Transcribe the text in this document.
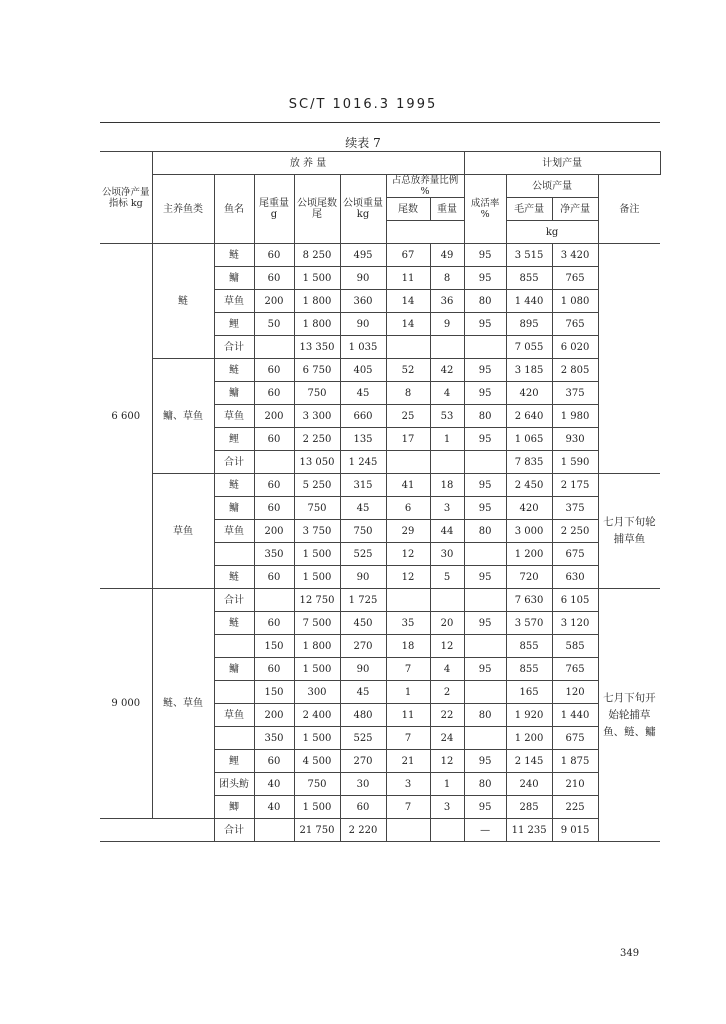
SC/T 1016.3 1995
续表 7
公顷净产量指标 kg	放 养 量							计划产量			
	主养鱼类	鱼名	尾重量 g	公顷尾数 尾	公顷重量 kg	占总放养量比例 %		成活率 %	公顷产量		备注
						尾数	重量		毛产量	净产量	
									kg		
6 600	鲢	鲢	60	8 250	495	67	49	95	3 515	3 420	
		鳙	60	1 500	90	11	8	95	855	765	
		草鱼	200	1 800	360	14	36	80	1 440	1 080	
		鲤	50	1 800	90	14	9	95	895	765	
		合计		13 350	1 035				7 055	6 020	
	鳙、草鱼	鲢	60	6 750	405	52	42	95	3 185	2 805	
		鳙	60	750	45	8	4	95	420	375	
		草鱼	200	3 300	660	25	53	80	2 640	1 980	
		鲤	60	2 250	135	17	1	95	1 065	930	
		合计		13 050	1 245				7 835	1 590	
	草鱼	鲢	60	5 250	315	41	18	95	2 450	2 175	七月下旬轮捕草鱼
		鳙	60	750	45	6	3	95	420	375	
		草鱼	200	3 750	750	29	44	80	3 000	2 250	
			350	1 500	525	12	30		1 200	675	
		鲢	60	1 500	90	12	5	95	720	630	
9 000	鲢、草鱼	合计		12 750	1 725				7 630	6 105	七月下旬开始轮捕草鱼、鲢、鳙
		鲢	60	7 500	450	35	20	95	3 570	3 120	
			150	1 800	270	18	12		855	585	
		鳙	60	1 500	90	7	4	95	855	765	
			150	300	45	1	2		165	120	
		草鱼	200	2 400	480	11	22	80	1 920	1 440	
			350	1 500	525	7	24		1 200	675	
		鲤	60	4 500	270	21	12	95	2 145	1 875	
		团头鲂	40	750	30	3	1	80	240	210	
		鲫	40	1 500	60	7	3	95	285	225	
		合计		21 750	2 220			—	11 235	9 015	
349
